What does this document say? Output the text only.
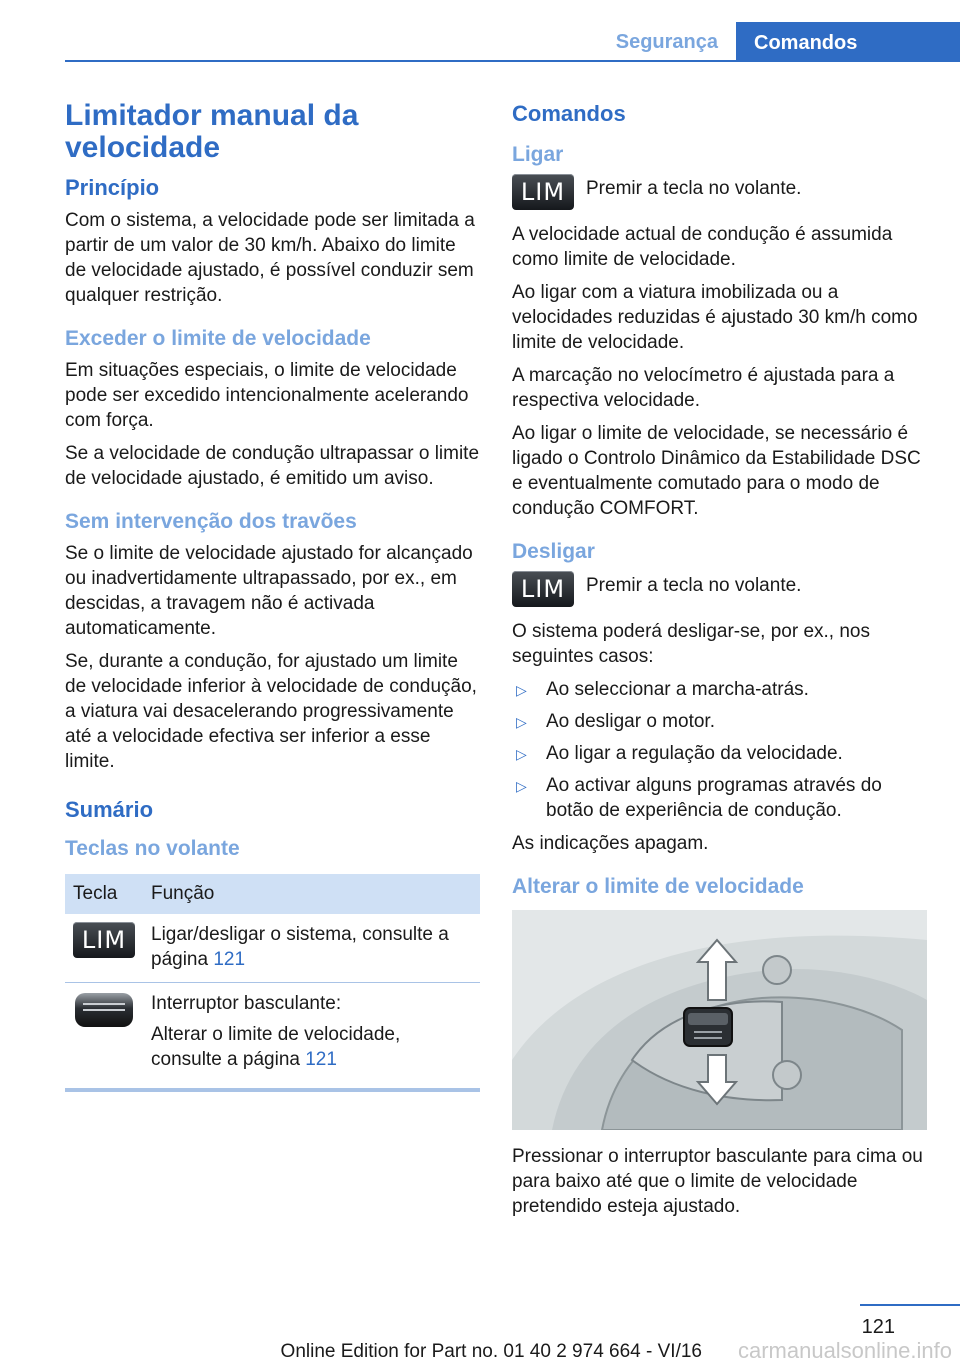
Segurança	Comandos
Limitador manual da velocidade
Princípio

Com o sistema, a velocidade pode ser limitada a partir de um valor de 30 km/h. Abaixo do limite de velocidade ajustado, é possível conduzir sem qualquer restrição.

Exceder o limite de velocidade

Em situações especiais, o limite de velocidade pode ser excedido intencionalmente acelerando com força.

Se a velocidade de condução ultrapassar o limite de velocidade ajustado, é emitido um aviso.

Sem intervenção dos travões

Se o limite de velocidade ajustado for alcançado ou inadvertidamente ultrapassado, por ex., em descidas, a travagem não é activada automaticamente.

Se, durante a condução, for ajustado um limite de velocidade inferior à velocidade de condução, a viatura vai desacelerando progressivamente até a velocidade efectiva ser inferior a esse limite.

Sumário
Teclas no volante
Tecla	Função

LIM	Ligar/desligar o sistema, consulte a página 121

	Interruptor basculante:

Alterar o limite de velocidade, consulte a página 121

Comandos
Ligar
LIM	Premir a tecla no volante.

A velocidade actual de condução é assumida como limite de velocidade.

Ao ligar com a viatura imobilizada ou a velocidades reduzidas é ajustado 30 km/h como limite de velocidade.

A marcação no velocímetro é ajustada para a respectiva velocidade.

Ao ligar o limite de velocidade, se necessário é ligado o Controlo Dinâmico da Estabilidade DSC e eventualmente comutado para o modo de condução COMFORT.

Desligar
LIM	Premir a tecla no volante.

O sistema poderá desligar-se, por ex., nos seguintes casos:

▷ Ao seleccionar a marcha-atrás.
▷ Ao desligar o motor.
▷ Ao ligar a regulação da velocidade.
▷ Ao activar alguns programas através do botão de experiência de condução.

As indicações apagam.

Alterar o limite de velocidade

Pressionar o interruptor basculante para cima ou para baixo até que o limite de velocidade pretendido esteja ajustado.

121
Online Edition for Part no. 01 40 2 974 664 - VI/16 carmanualsonline.info
